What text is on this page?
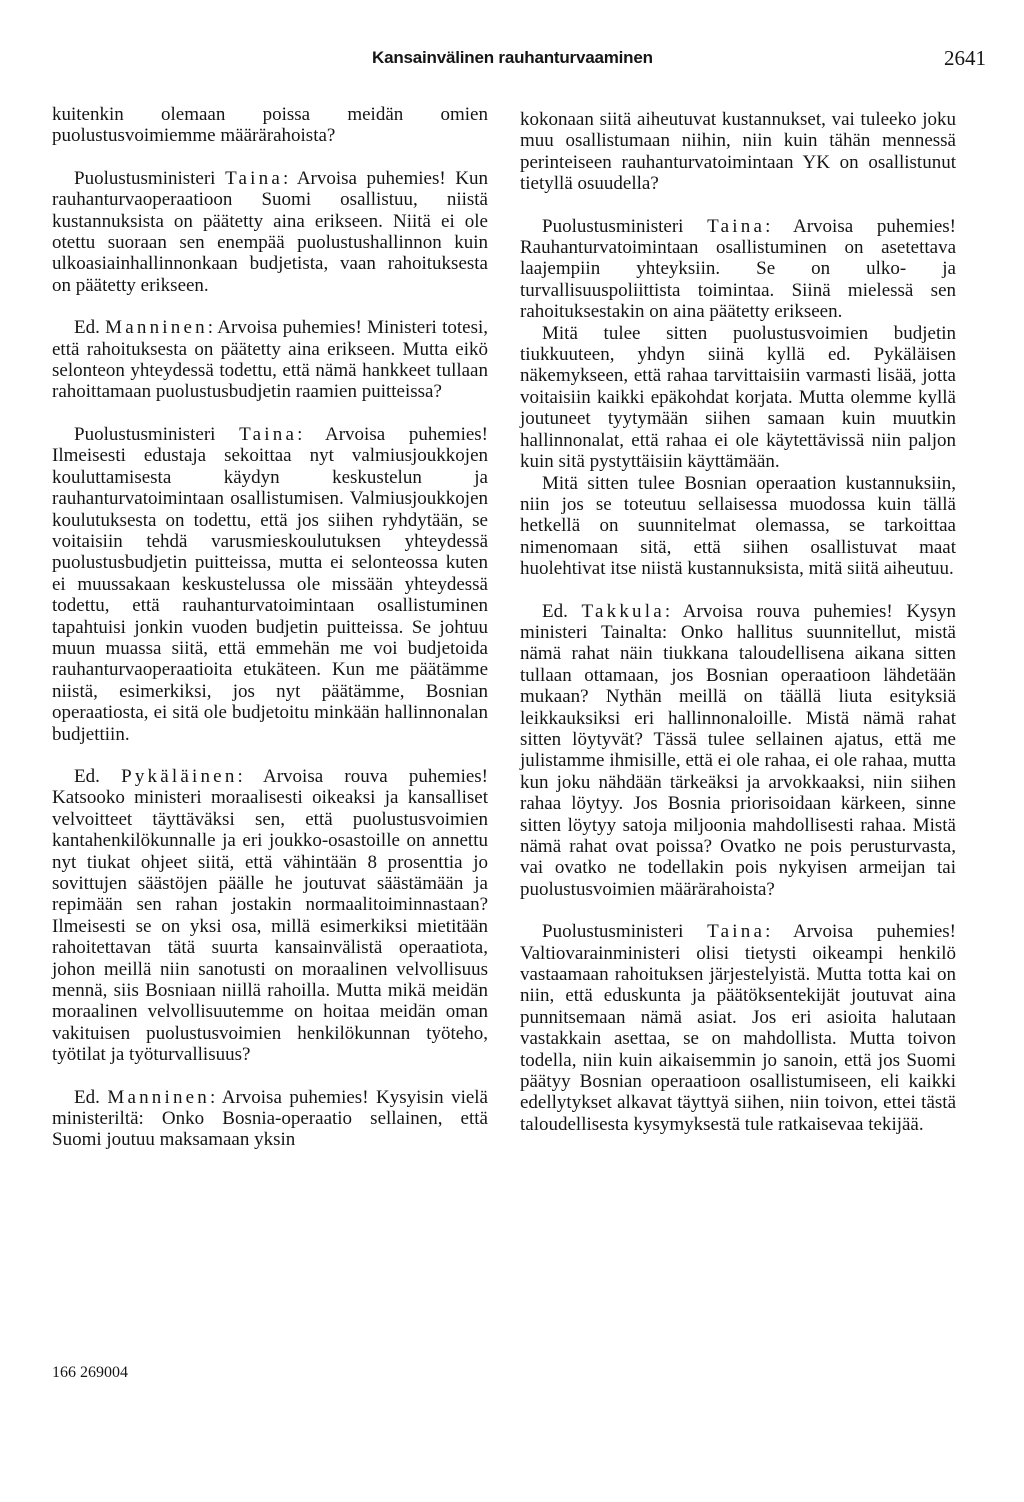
Kansainvälinen rauhanturvaaminen	2641

kuitenkin olemaan poissa meidän omien puolustusvoimiemme määrärahoista?

Puolustusministeri Taina: Arvoisa puhemies! Kun rauhanturvaoperaatioon Suomi osallistuu, niistä kustannuksista on päätetty aina erikseen. Niitä ei ole otettu suoraan sen enempää puolustushallinnon kuin ulkoasiainhallinnonkaan budjetista, vaan rahoituksesta on päätetty erikseen.

Ed. Manninen: Arvoisa puhemies! Ministeri totesi, että rahoituksesta on päätetty aina erikseen. Mutta eikö selonteon yhteydessä todettu, että nämä hankkeet tullaan rahoittamaan puolustusbudjetin raamien puitteissa?

Puolustusministeri Taina: Arvoisa puhemies! Ilmeisesti edustaja sekoittaa nyt valmiusjoukkojen kouluttamisesta käydyn keskustelun ja rauhanturvatoimintaan osallistumisen. Valmiusjoukkojen koulutuksesta on todettu, että jos siihen ryhdytään, se voitaisiin tehdä varusmieskoulutuksen yhteydessä puolustusbudjetin puitteissa, mutta ei selonteossa kuten ei muussakaan keskustelussa ole missään yhteydessä todettu, että rauhanturvatoimintaan osallistuminen tapahtuisi jonkin vuoden budjetin puitteissa. Se johtuu muun muassa siitä, että emmehän me voi budjetoida rauhanturvaoperaatioita etukäteen. Kun me päätämme niistä, esimerkiksi, jos nyt päätämme, Bosnian operaatiosta, ei sitä ole budjetoitu minkään hallinnonalan budjettiin.

Ed. Pykäläinen: Arvoisa rouva puhemies! Katsooko ministeri moraalisesti oikeaksi ja kansalliset velvoitteet täyttäväksi sen, että puolustusvoimien kantahenkilökunnalle ja eri joukko-osastoille on annettu nyt tiukat ohjeet siitä, että vähintään 8 prosenttia jo sovittujen säästöjen päälle he joutuvat säästämään ja repimään sen rahan jostakin normaalitoiminnastaan? Ilmeisesti se on yksi osa, millä esimerkiksi mietitään rahoitettavan tätä suurta kansainvälistä operaatiota, johon meillä niin sanotusti on moraalinen velvollisuus mennä, siis Bosniaan niillä rahoilla. Mutta mikä meidän moraalinen velvollisuutemme on hoitaa meidän oman vakituisen puolustusvoimien henkilökunnan työteho, työtilat ja työturvallisuus?

Ed. Manninen: Arvoisa puhemies! Kysyisin vielä ministeriltä: Onko Bosnia-operaatio sellainen, että Suomi joutuu maksamaan yksin

kokonaan siitä aiheutuvat kustannukset, vai tuleeko joku muu osallistumaan niihin, niin kuin tähän mennessä perinteiseen rauhanturvatoimintaan YK on osallistunut tietyllä osuudella?

Puolustusministeri Taina: Arvoisa puhemies! Rauhanturvatoimintaan osallistuminen on asetettava laajempiin yhteyksiin. Se on ulko- ja turvallisuuspoliittista toimintaa. Siinä mielessä sen rahoituksestakin on aina päätetty erikseen.

Mitä tulee sitten puolustusvoimien budjetin tiukkuuteen, yhdyn siinä kyllä ed. Pykäläisen näkemykseen, että rahaa tarvittaisiin varmasti lisää, jotta voitaisiin kaikki epäkohdat korjata. Mutta olemme kyllä joutuneet tyytymään siihen samaan kuin muutkin hallinnonalat, että rahaa ei ole käytettävissä niin paljon kuin sitä pystyttäisiin käyttämään.

Mitä sitten tulee Bosnian operaation kustannuksiin, niin jos se toteutuu sellaisessa muodossa kuin tällä hetkellä on suunnitelmat olemassa, se tarkoittaa nimenomaan sitä, että siihen osallistuvat maat huolehtivat itse niistä kustannuksista, mitä siitä aiheutuu.

Ed. Takkula: Arvoisa rouva puhemies! Kysyn ministeri Tainalta: Onko hallitus suunnitellut, mistä nämä rahat näin tiukkana taloudellisena aikana sitten tullaan ottamaan, jos Bosnian operaatioon lähdetään mukaan? Nythän meillä on täällä liuta esityksiä leikkauksiksi eri hallinnonaloille. Mistä nämä rahat sitten löytyvät? Tässä tulee sellainen ajatus, että me julistamme ihmisille, että ei ole rahaa, ei ole rahaa, mutta kun joku nähdään tärkeäksi ja arvokkaaksi, niin siihen rahaa löytyy. Jos Bosnia priorisoidaan kärkeen, sinne sitten löytyy satoja miljoonia mahdollisesti rahaa. Mistä nämä rahat ovat poissa? Ovatko ne pois perusturvasta, vai ovatko ne todellakin pois nykyisen armeijan tai puolustusvoimien määrärahoista?

Puolustusministeri Taina: Arvoisa puhemies! Valtiovarainministeri olisi tietysti oikeampi henkilö vastaamaan rahoituksen järjestelyistä. Mutta totta kai on niin, että eduskunta ja päätöksentekijät joutuvat aina punnitsemaan nämä asiat. Jos eri asioita halutaan vastakkain asettaa, se on mahdollista. Mutta toivon todella, niin kuin aikaisemmin jo sanoin, että jos Suomi päätyy Bosnian operaatioon osallistumiseen, eli kaikki edellytykset alkavat täyttyä siihen, niin toivon, ettei tästä taloudellisesta kysymyksestä tule ratkaisevaa tekijää.

166 269004
